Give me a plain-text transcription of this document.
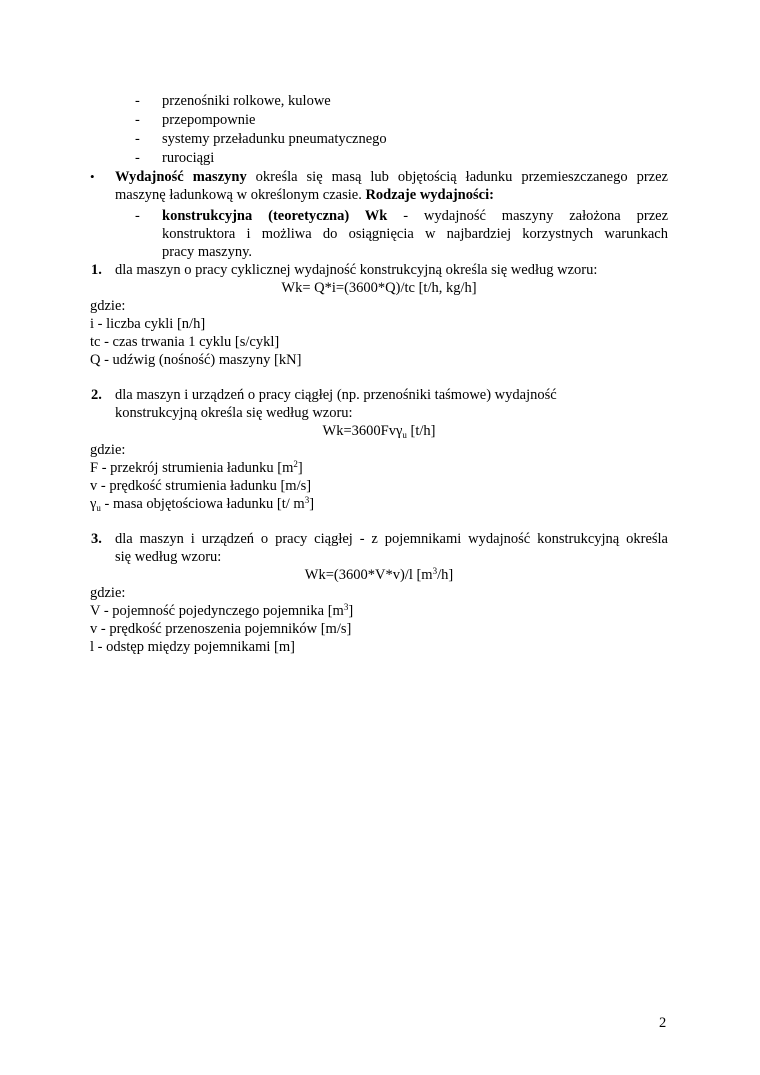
- przenośniki rolkowe, kulowe
- przepompownie
- systemy przeładunku pneumatycznego
- rurociągi
• Wydajność maszyny określa się masą lub objętością ładunku przemieszczanego przez
maszynę ładunkową w określonym czasie. Rodzaje wydajności:
- konstrukcyjna (teoretyczna) Wk - wydajność maszyny założona przez
konstruktora i możliwa do osiągnięcia w najbardziej korzystnych warunkach
pracy maszyny.
1. dla maszyn o pracy cyklicznej wydajność konstrukcyjną określa się według wzoru:
Wk= Q*i=(3600*Q)/tc [t/h, kg/h]
gdzie:
i - liczba cykli [n/h]
tc - czas trwania 1 cyklu [s/cykl]
Q - udźwig (nośność) maszyny [kN]
2. dla maszyn i urządzeń o pracy ciągłej (np. przenośniki taśmowe) wydajność
konstrukcyjną określa się według wzoru:
Wk=3600Fvγ$_u$ [t/h]
gdzie:
F - przekrój strumienia ładunku $[m^2]$
v - prędkość strumienia ładunku [m/s]
$\gamma_u$ - masa objętościowa ładunku [t/ $m^3$]
3. dla maszyn i urządzeń o pracy ciągłej - z pojemnikami wydajność konstrukcyjną określa
się według wzoru:
Wk=(3600*V*v)/l $[m^3/h]$
gdzie:
V - pojemność pojedynczego pojemnika $[m^3]$
v - prędkość przenoszenia pojemników [m/s]
l - odstęp między pojemnikami [m]
2
